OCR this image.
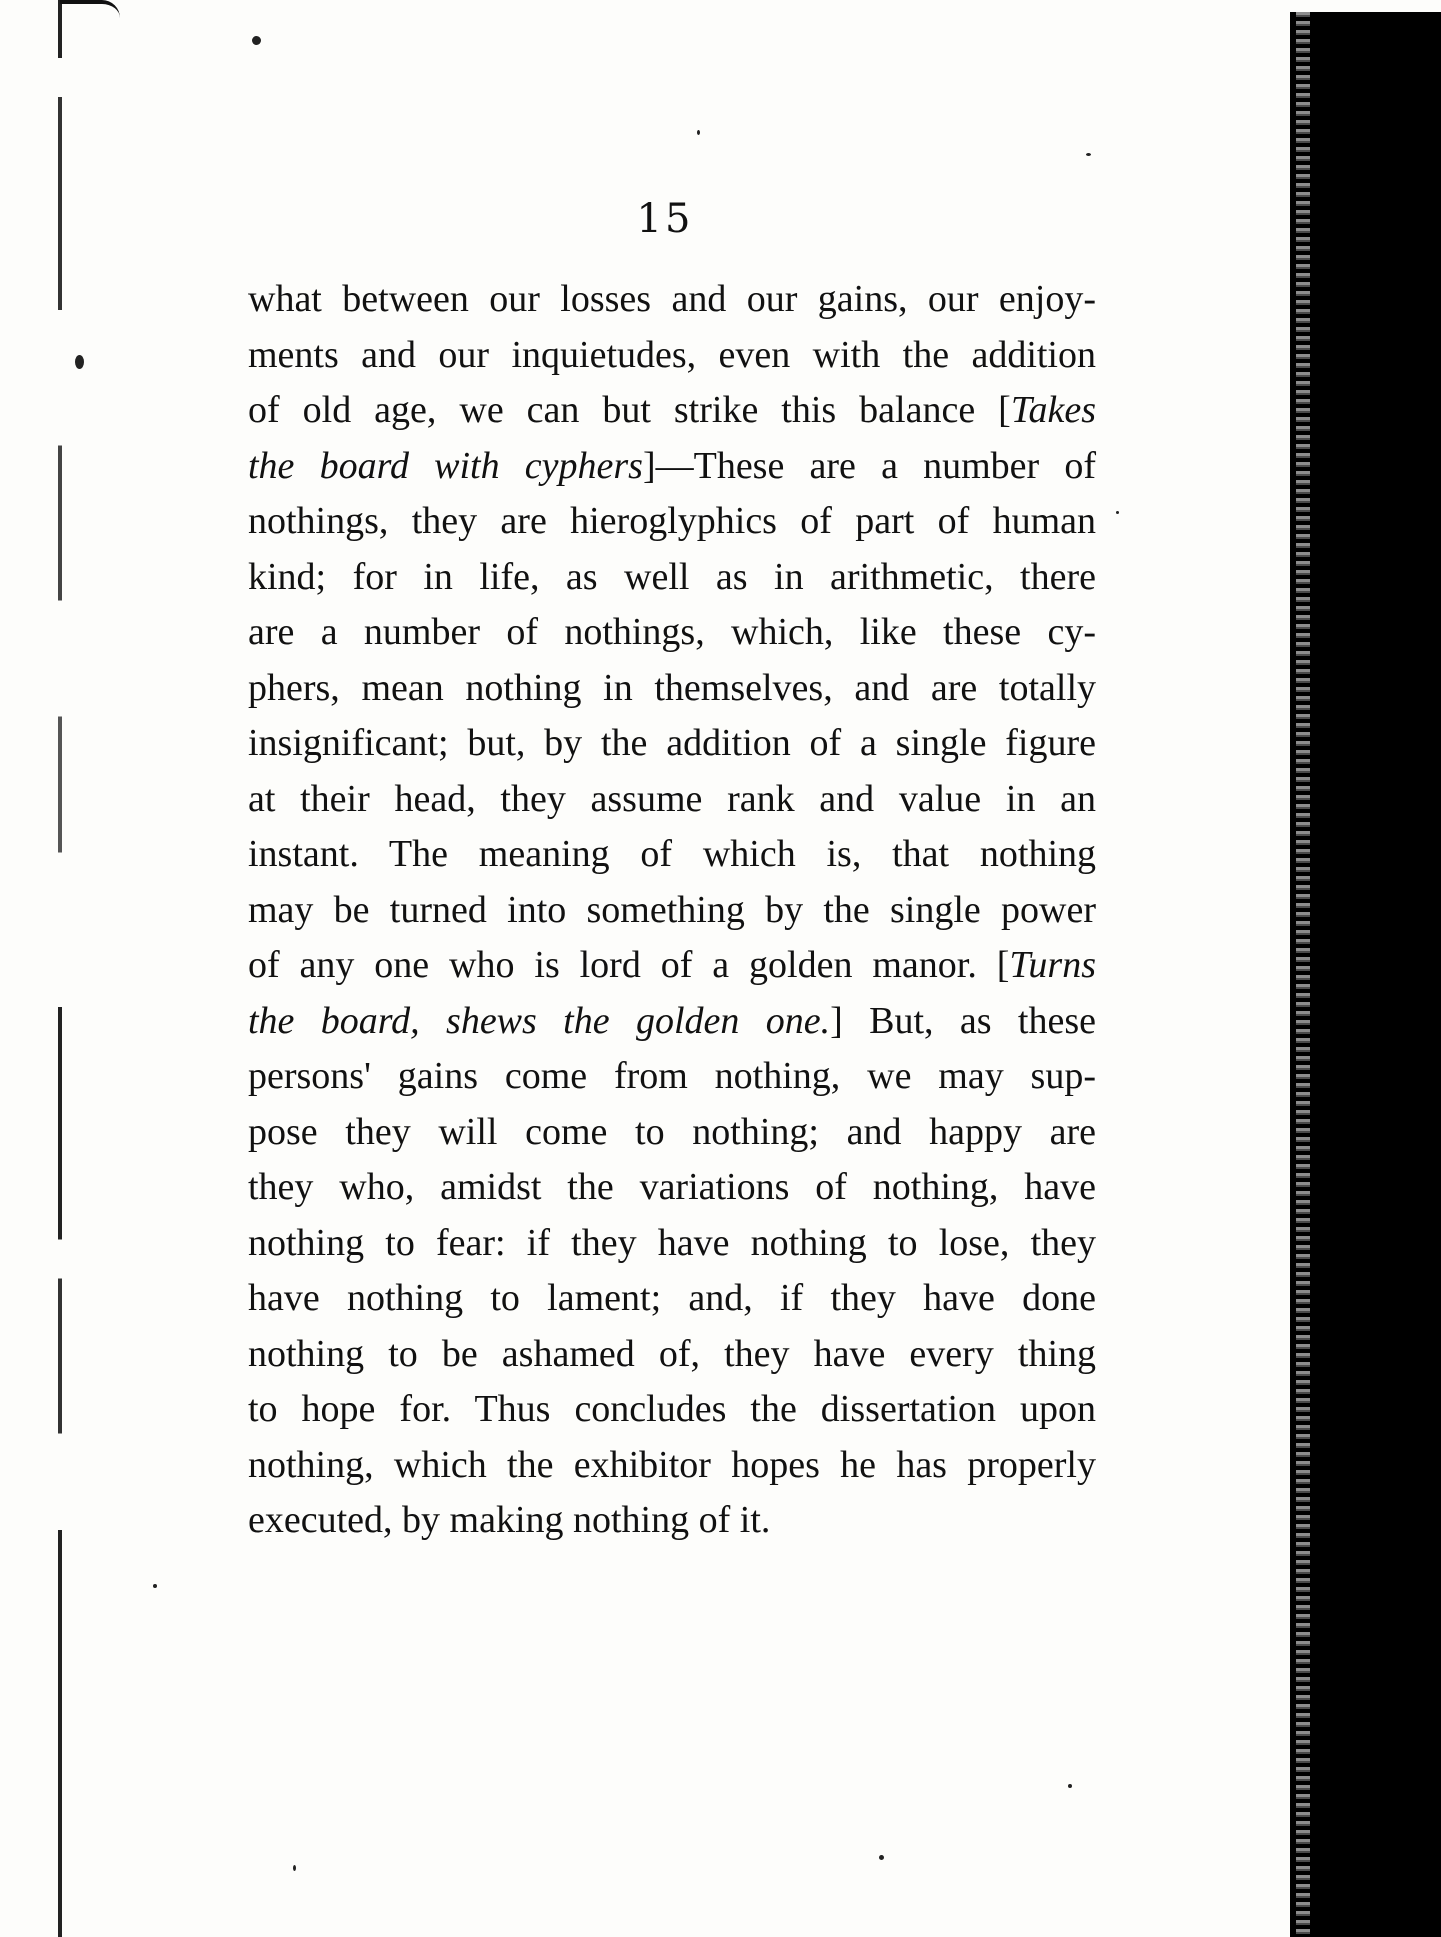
15
what between our losses and our gains, our enjoy-
ments and our inquietudes, even with the addition
of old age, we can but strike this balance [Takes
the board with cyphers]—These are a number of
nothings, they are hieroglyphics of part of human
kind; for in life, as well as in arithmetic, there
are a number of nothings, which, like these cy-
phers, mean nothing in themselves, and are totally
insignificant; but, by the addition of a single figure
at their head, they assume rank and value in an
instant. The meaning of which is, that nothing
may be turned into something by the single power
of any one who is lord of a golden manor. [Turns
the board, shews the golden one.] But, as these
persons' gains come from nothing, we may sup-
pose they will come to nothing; and happy are
they who, amidst the variations of nothing, have
nothing to fear: if they have nothing to lose, they
have nothing to lament; and, if they have done
nothing to be ashamed of, they have every thing
to hope for. Thus concludes the dissertation upon
nothing, which the exhibitor hopes he has properly
executed, by making nothing of it.
